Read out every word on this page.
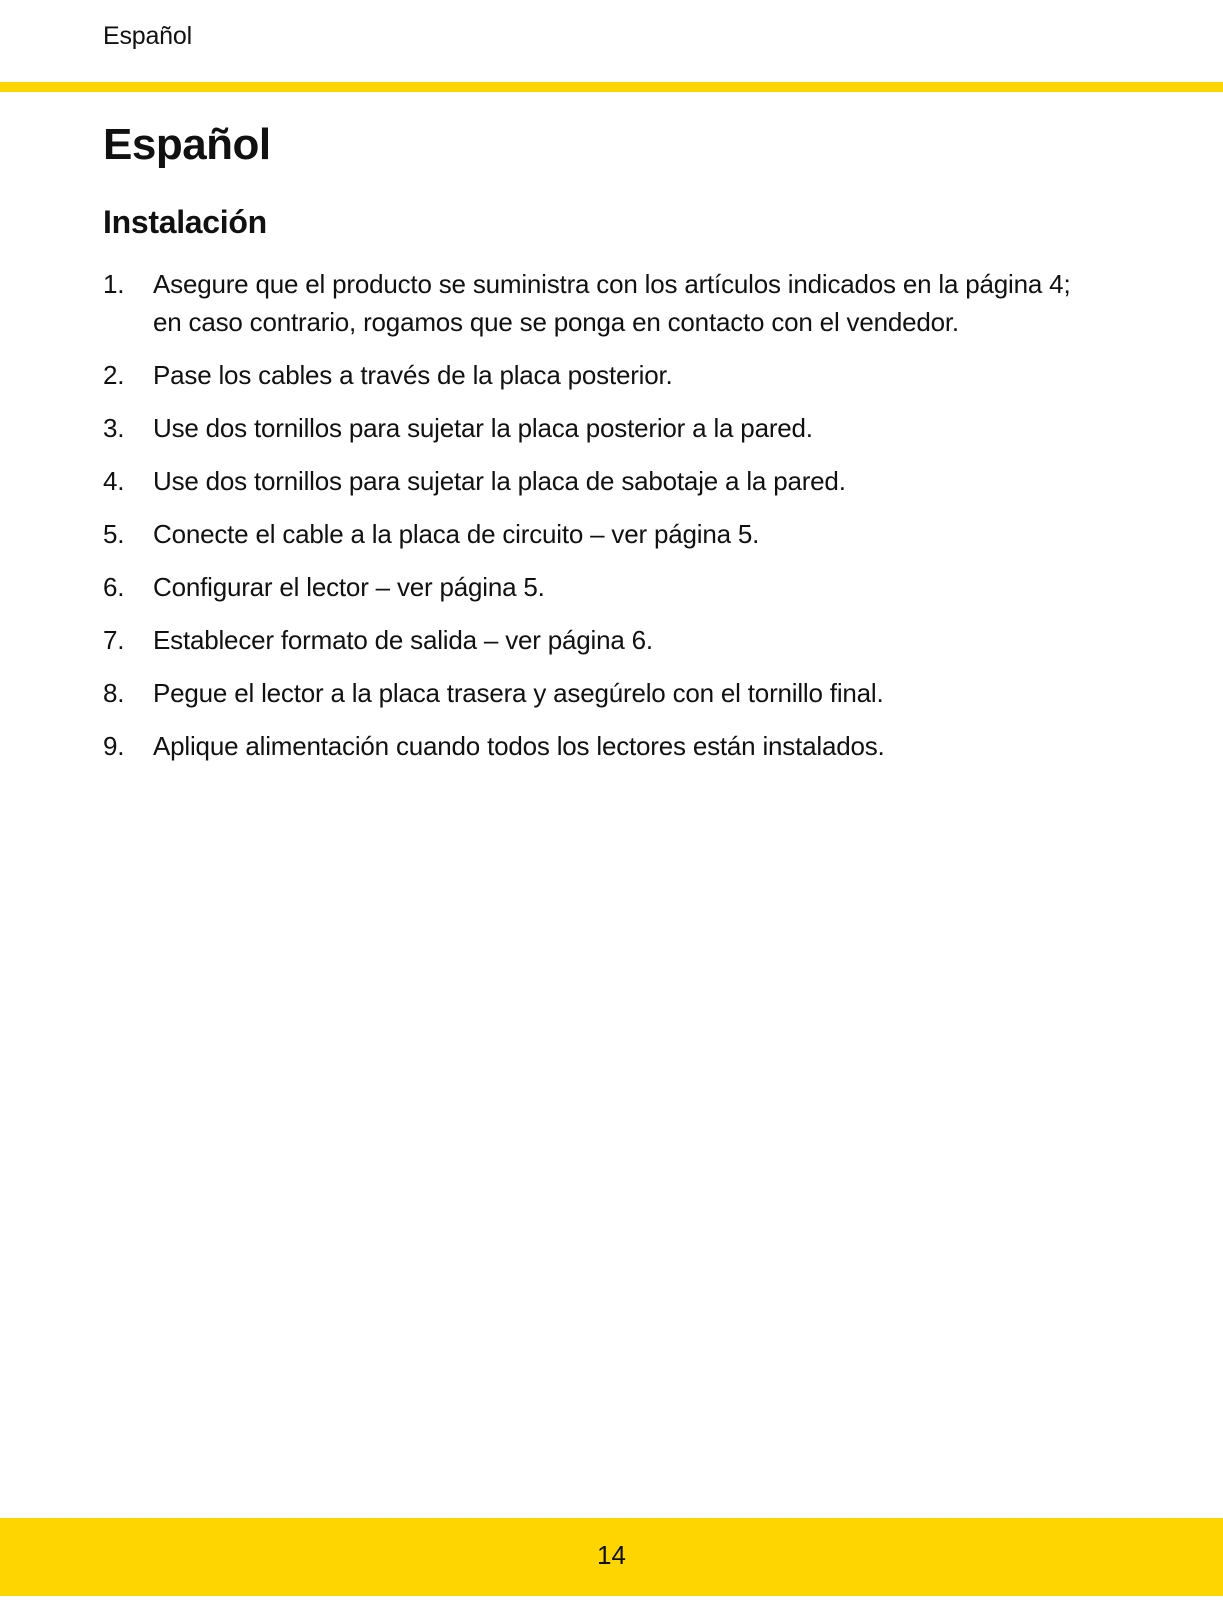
Español
Español
Instalación
1. Asegure que el producto se suministra con los artículos indicados en la página 4; en caso contrario, rogamos que se ponga en contacto con el vendedor.
2. Pase los cables a través de la placa posterior.
3. Use dos tornillos para sujetar la placa posterior a la pared.
4. Use dos tornillos para sujetar la placa de sabotaje a la pared.
5. Conecte el cable a la placa de circuito – ver página 5.
6. Configurar el lector – ver página 5.
7. Establecer formato de salida – ver página 6.
8. Pegue el lector a la placa trasera y asegúrelo con el tornillo final.
9. Aplique alimentación cuando todos los lectores están instalados.
14
